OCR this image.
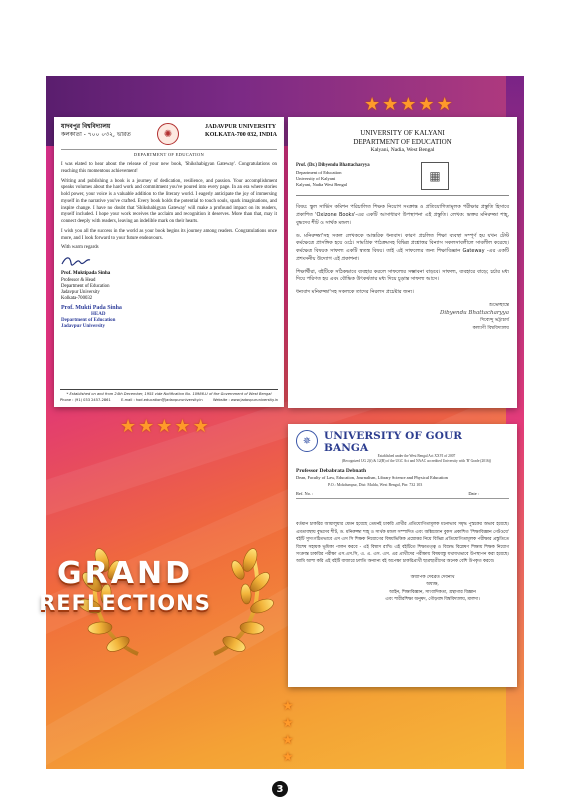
★ ★ ★ ★ ★
★ ★ ★ ★ ★
★
★
★
★
যাদবপুর বিশ্ববিদ্যালয়
কলকাতা - ৭০০ ০৩২, ভারত	✺
JADAVPUR UNIVERSITY
KOLKATA-700 032, INDIA
DEPARTMENT OF EDUCATION

I was elated to hear about the release of your new book, 'Shikshabigyan Gateway'. Congratulations on reaching this momentous achievement!

Writing and publishing a book is a journey of dedication, resilience, and passion. Your accomplishment speaks volumes about the hard work and commitment you've poured into every page. In an era where stories hold power, your voice is a valuable addition to the literary world. I eagerly anticipate the joy of immersing myself in the narrative you've crafted. Every book holds the potential to touch souls, spark imaginations, and inspire change. I have no doubt that 'Shikshabigyan Gateway' will make a profound impact on its readers, myself included. I hope your work receives the acclaim and recognition it deserves. More than that, may it connect deeply with readers, leaving an indelible mark on their hearts.

I wish you all the success in the world as your book begins its journey among readers. Congratulations once more, and I look forward to your future endeavours.

With warm regards

Prof. Muktipada Sinha
Professor & Head
Department of Education
Jadavpur University
Kolkata-700032
Prof. Mukti Pada Sinha
HEAD
Department of Education
Jadavpur University
* Established on and from 24th December, 1955 vide Notification No. 10986-U of the Government of West Bengal
Phone : (91) 033 2457-2861	E-mail : hod.education@jadavpuruniversity.in	Website : www.jadavpuruniversity.in
UNIVERSITY OF KALYANI
DEPARTMENT OF EDUCATION
Kalyani, Nadia, West Bengal
Prof. (Dr.) Dibyendu Bhattacharyya
Department of Education
University of Kalyani
Kalyani, Nadia West Bengal
▦

বিষয়: স্কুল সার্ভিস কমিশন পরিচালিত শিক্ষক নিয়োগ সংক্রান্ত ও প্রতিযোগিতামূলক পরীক্ষার প্রস্তুতি হিসাবে প্রকাশিত 'Oxizone Books'-এর একটি আসাধারণ উপস্থাপনা এই প্রস্তুতি। লেখক: ভক্তর মনিরুজ্জা শাহ্‌, বুদ্ধদেব শীট ও সার্থক মন্ডল।

ড. মনিরুজ্জা'সহ সকল লেখককে আন্তরিক ধন্যবাদ। কারণ প্রচলিত শিক্ষা ব্যবস্থা সম্পূর্ণ হয় যখন টেস্ট কর্মক্ষেত্রে প্রাসঙ্গিক হয়ে ওঠে। সামগ্রিক পাঠক্রমসহ বিভিন্ন প্রশ্নোত্তর বিন্যাস সকলসাবলীলে সাবলীল করেছে। কর্মক্ষেত্র বিষয়ক সাফল্য একটি স্বতন্ত্র বিষয়। তাই এই সাফল্যের জন্য শিক্ষাবিজ্ঞান Gateway -এর একটি প্রশংসনীয় উদ্যোগ এই প্রকাশনা।

শিক্ষার্থীরা, বইটিকে সঠিকভাবে ব্যবহার করলে সাফল্যের সম্ভাবনা বাড়বে। সাফল্য, ব্যবহারে বাড়ে; চর্চার মধ্য দিয়ে পরিণত হয় এবং বৌদ্ধিক উৎকর্ষতার মধ্য দিয়ে চূড়ান্ত সাফল্য আসে।

ধন্যবাদ মনিরুজ্জা'সহ সকলকে তাদের নিরলস প্রচেষ্টার জন্য।

শুভেচ্ছান্তে
Dibyendu Bhattacharyya
দিব্যেন্দু ভট্টাচার্য
কল্যাণী বিশ্ববিদ্যালয়
✵	UNIVERSITY OF GOUR BANGA
Established under the West Bengal Act XXVI of 2007
(Recognized UG 2(f) & 12(B) of the UGC Act and NAAC accredited University with 'B' Grade (2016))
Professor Debabrata Debnath
Dean, Faculty of Law, Education, Journalism, Library Science and Physical Education
P.O.: Mokdumpur, Dist: Malda, West Bengal, Pin: 732 103
Ref. No. :	Date :
বর্তমান চাকরির আয়ালুয়ার যেমন হয়েছে তেমনই চাকরি প্রার্থীর প্রতিযোগিতামূলক মনোভাব সমৃদ্ধ পুস্তকের অভাব হয়েছে। এমতাবস্থায় বুদ্ধদেব শীট, ড. মনিরুজ্জা শাহ্‌ ও সার্থক মন্ডল সম্পাদিত এবং অক্সিজোন বুকস প্রকাশিত 'শিক্ষাবিজ্ঞান গেটওয়ে' বইটি সুসংগঠিতভাবে এস এস সি শিক্ষক নিয়োগের বিষয়ভিত্তিক প্রশ্নোত্তর নিয়ে বিভিন্ন প্রতিযোগিতামূলক পরীক্ষার প্রস্তুতিতে বিশেষ সহায়ক ভূমিকা পালন করবে - এই বিশ্বাস রাখি। এই বইটিতে শিক্ষাতত্ত্ব ও বিশুদ্ধ বিশ্লেষণ শিক্ষায় শিক্ষক নিয়োগ সংক্রান্ত চাকরির পরীক্ষা এস.এস.সি, এ. এ. এস. এস. এর প্রার্থীদের পরীক্ষায় বিষয়বস্তু যথাযথভাবে উপস্থাপন করা হয়েছে। আমি আশা করি এই বইটি বাজারে চলতি অন্যান্য বই অপেক্ষা চাকরিপ্রার্থী ছাত্রছাত্রীদের অনেক বেশি উপকৃত করবে।
অধ্যাপক দেবব্রত দেবনাথ
অধ্যক্ষ,
আইন, শিক্ষাবিজ্ঞান, সাংবাদিকতা, গ্রন্থাগার বিজ্ঞান
এবং শারীরশিক্ষা অনুষদ, গৌড়বঙ্গ বিশ্ববিদ্যালয়, মালদা।
GRAND
REFLECTIONS
3
